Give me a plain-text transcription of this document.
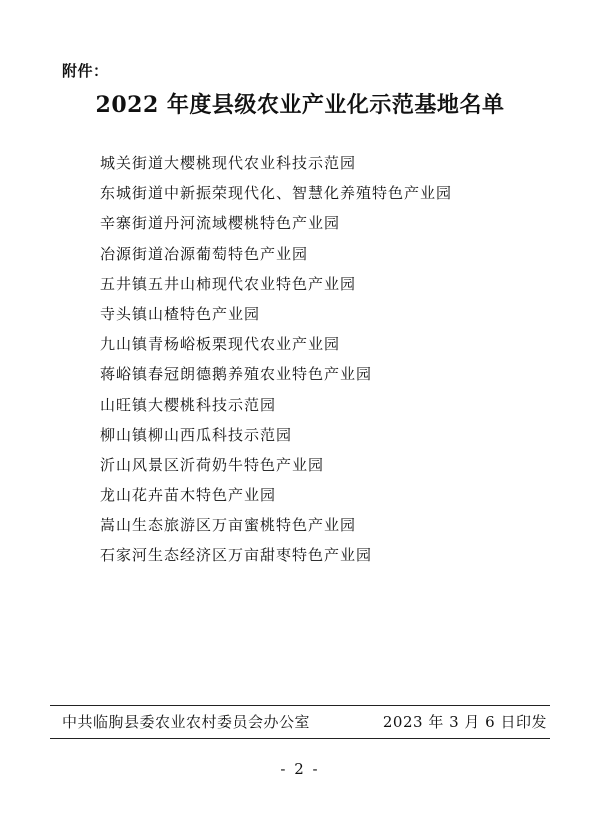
附件：
2022 年度县级农业产业化示范基地名单
城关街道大樱桃现代农业科技示范园
东城街道中新振荣现代化、智慧化养殖特色产业园
辛寨街道丹河流域樱桃特色产业园
冶源街道冶源葡萄特色产业园
五井镇五井山柿现代农业特色产业园
寺头镇山楂特色产业园
九山镇青杨峪板栗现代农业产业园
蒋峪镇春冠朗德鹅养殖农业特色产业园
山旺镇大樱桃科技示范园
柳山镇柳山西瓜科技示范园
沂山风景区沂荷奶牛特色产业园
龙山花卉苗木特色产业园
嵩山生态旅游区万亩蜜桃特色产业园
石家河生态经济区万亩甜枣特色产业园
中共临朐县委农业农村委员会办公室	2023 年 3 月 6 日印发
- 2 -
